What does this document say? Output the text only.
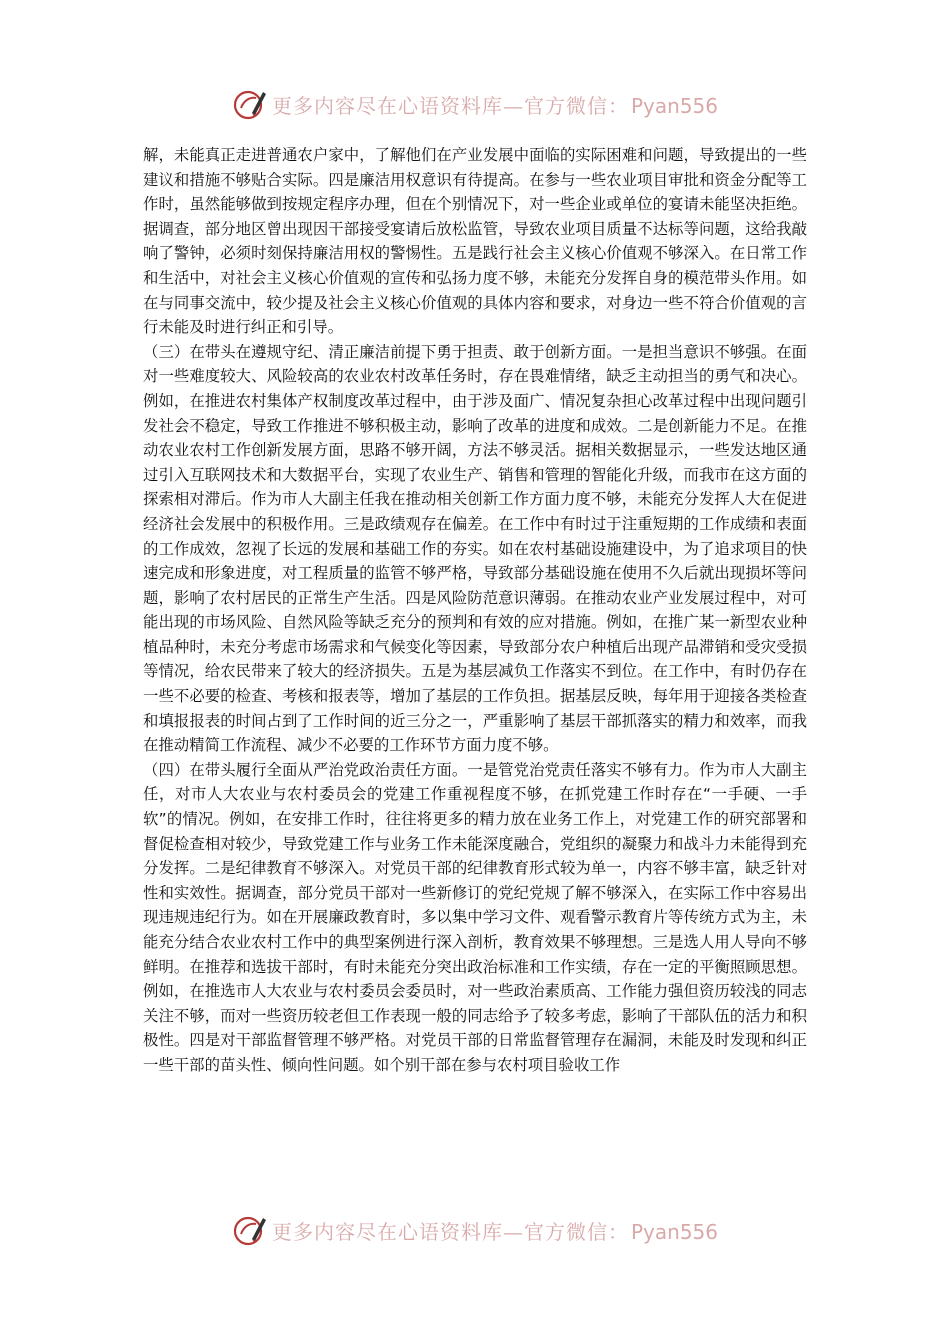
更多内容尽在心语资料库—官方微信： Pyan556

解，未能真正走进普通农户家中，了解他们在产业发展中面临的实际困难和问题，导致提出的一些建议和措施不够贴合实际。四是廉洁用权意识有待提高。在参与一些农业项目审批和资金分配等工作时，虽然能够做到按规定程序办理，但在个别情况下，对一些企业或单位的宴请未能坚决拒绝。据调查，部分地区曾出现因干部接受宴请后放松监管，导致农业项目质量不达标等问题，这给我敲响了警钟，必须时刻保持廉洁用权的警惕性。五是践行社会主义核心价值观不够深入。在日常工作和生活中，对社会主义核心价值观的宣传和弘扬力度不够，未能充分发挥自身的模范带头作用。如在与同事交流中，较少提及社会主义核心价值观的具体内容和要求，对身边一些不符合价值观的言行未能及时进行纠正和引导。

（三）在带头在遵规守纪、清正廉洁前提下勇于担责、敢于创新方面。一是担当意识不够强。在面对一些难度较大、风险较高的农业农村改革任务时，存在畏难情绪，缺乏主动担当的勇气和决心。例如，在推进农村集体产权制度改革过程中，由于涉及面广、情况复杂担心改革过程中出现问题引发社会不稳定，导致工作推进不够积极主动，影响了改革的进度和成效。二是创新能力不足。在推动农业农村工作创新发展方面，思路不够开阔，方法不够灵活。据相关数据显示，一些发达地区通过引入互联网技术和大数据平台，实现了农业生产、销售和管理的智能化升级，而我市在这方面的探索相对滞后。作为市人大副主任我在推动相关创新工作方面力度不够，未能充分发挥人大在促进经济社会发展中的积极作用。三是政绩观存在偏差。在工作中有时过于注重短期的工作成绩和表面的工作成效，忽视了长远的发展和基础工作的夯实。如在农村基础设施建设中，为了追求项目的快速完成和形象进度，对工程质量的监管不够严格，导致部分基础设施在使用不久后就出现损坏等问题，影响了农村居民的正常生产生活。四是风险防范意识薄弱。在推动农业产业发展过程中，对可能出现的市场风险、自然风险等缺乏充分的预判和有效的应对措施。例如，在推广某一新型农业种植品种时，未充分考虑市场需求和气候变化等因素，导致部分农户种植后出现产品滞销和受灾受损等情况，给农民带来了较大的经济损失。五是为基层减负工作落实不到位。在工作中，有时仍存在一些不必要的检查、考核和报表等，增加了基层的工作负担。据基层反映，每年用于迎接各类检查和填报报表的时间占到了工作时间的近三分之一，严重影响了基层干部抓落实的精力和效率，而我在推动精简工作流程、减少不必要的工作环节方面力度不够。

（四）在带头履行全面从严治党政治责任方面。一是管党治党责任落实不够有力。作为市人大副主任，对市人大农业与农村委员会的党建工作重视程度不够，在抓党建工作时存在“一手硬、一手软”的情况。例如，在安排工作时，往往将更多的精力放在业务工作上，对党建工作的研究部署和督促检查相对较少，导致党建工作与业务工作未能深度融合，党组织的凝聚力和战斗力未能得到充分发挥。二是纪律教育不够深入。对党员干部的纪律教育形式较为单一，内容不够丰富，缺乏针对性和实效性。据调查，部分党员干部对一些新修订的党纪党规了解不够深入，在实际工作中容易出现违规违纪行为。如在开展廉政教育时，多以集中学习文件、观看警示教育片等传统方式为主，未能充分结合农业农村工作中的典型案例进行深入剖析，教育效果不够理想。三是选人用人导向不够鲜明。在推荐和选拔干部时，有时未能充分突出政治标准和工作实绩，存在一定的平衡照顾思想。例如，在推选市人大农业与农村委员会委员时，对一些政治素质高、工作能力强但资历较浅的同志关注不够，而对一些资历较老但工作表现一般的同志给予了较多考虑，影响了干部队伍的活力和积极性。四是对干部监督管理不够严格。对党员干部的日常监督管理存在漏洞，未能及时发现和纠正一些干部的苗头性、倾向性问题。如个别干部在参与农村项目验收工作

更多内容尽在心语资料库—官方微信： Pyan556
